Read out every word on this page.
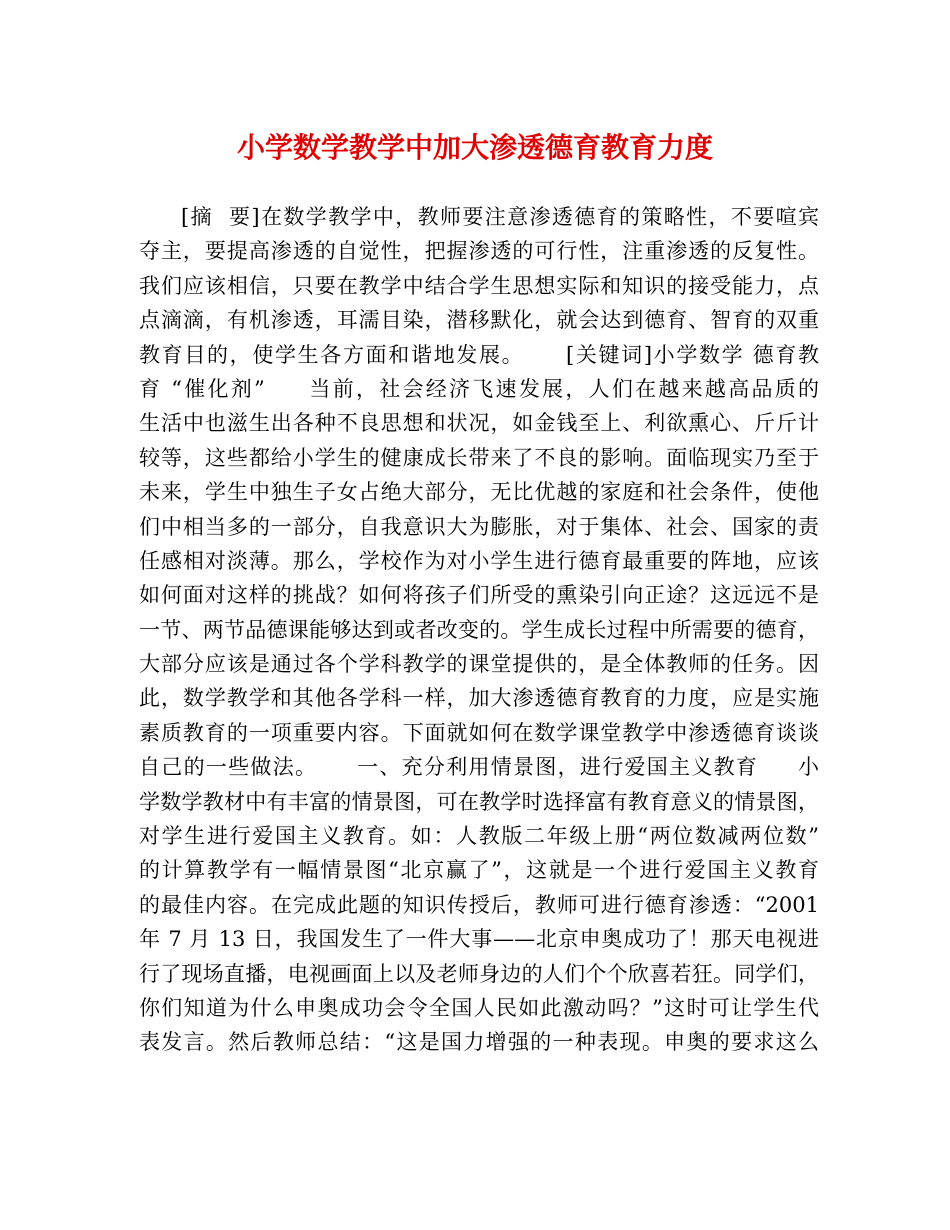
小学数学教学中加大渗透德育教育力度
[摘  要]在数学教学中，教师要注意渗透德育的策略性，不要喧宾
夺主，要提高渗透的自觉性，把握渗透的可行性，注重渗透的反复性。
我们应该相信，只要在教学中结合学生思想实际和知识的接受能力，点
点滴滴，有机渗透，耳濡目染，潜移默化，就会达到德育、智育的双重
教育目的，使学生各方面和谐地发展。     [关键词]小学数学 德育教
育 “催化剂”     当前，社会经济飞速发展，人们在越来越高品质的
生活中也滋生出各种不良思想和状况，如金钱至上、利欲熏心、斤斤计
较等，这些都给小学生的健康成长带来了不良的影响。面临现实乃至于
未来，学生中独生子女占绝大部分，无比优越的家庭和社会条件，使他
们中相当多的一部分，自我意识大为膨胀，对于集体、社会、国家的责
任感相对淡薄。那么，学校作为对小学生进行德育最重要的阵地，应该
如何面对这样的挑战？如何将孩子们所受的熏染引向正途？这远远不是
一节、两节品德课能够达到或者改变的。学生成长过程中所需要的德育，
大部分应该是通过各个学科教学的课堂提供的，是全体教师的任务。因
此，数学教学和其他各学科一样，加大渗透德育教育的力度，应是实施
素质教育的一项重要内容。下面就如何在数学课堂教学中渗透德育谈谈
自己的一些做法。     一、充分利用情景图，进行爱国主义教育     小
学数学教材中有丰富的情景图，可在教学时选择富有教育意义的情景图，
对学生进行爱国主义教育。如：人教版二年级上册“两位数减两位数”
的计算教学有一幅情景图“北京赢了”，这就是一个进行爱国主义教育
的最佳内容。在完成此题的知识传授后，教师可进行德育渗透：“2001
年 7 月 13 日，我国发生了一件大事——北京申奥成功了！那天电视进
行了现场直播，电视画面上以及老师身边的人们个个欣喜若狂。同学们，
你们知道为什么申奥成功会令全国人民如此激动吗？”这时可让学生代
表发言。然后教师总结：“这是国力增强的一种表现。申奥的要求这么
